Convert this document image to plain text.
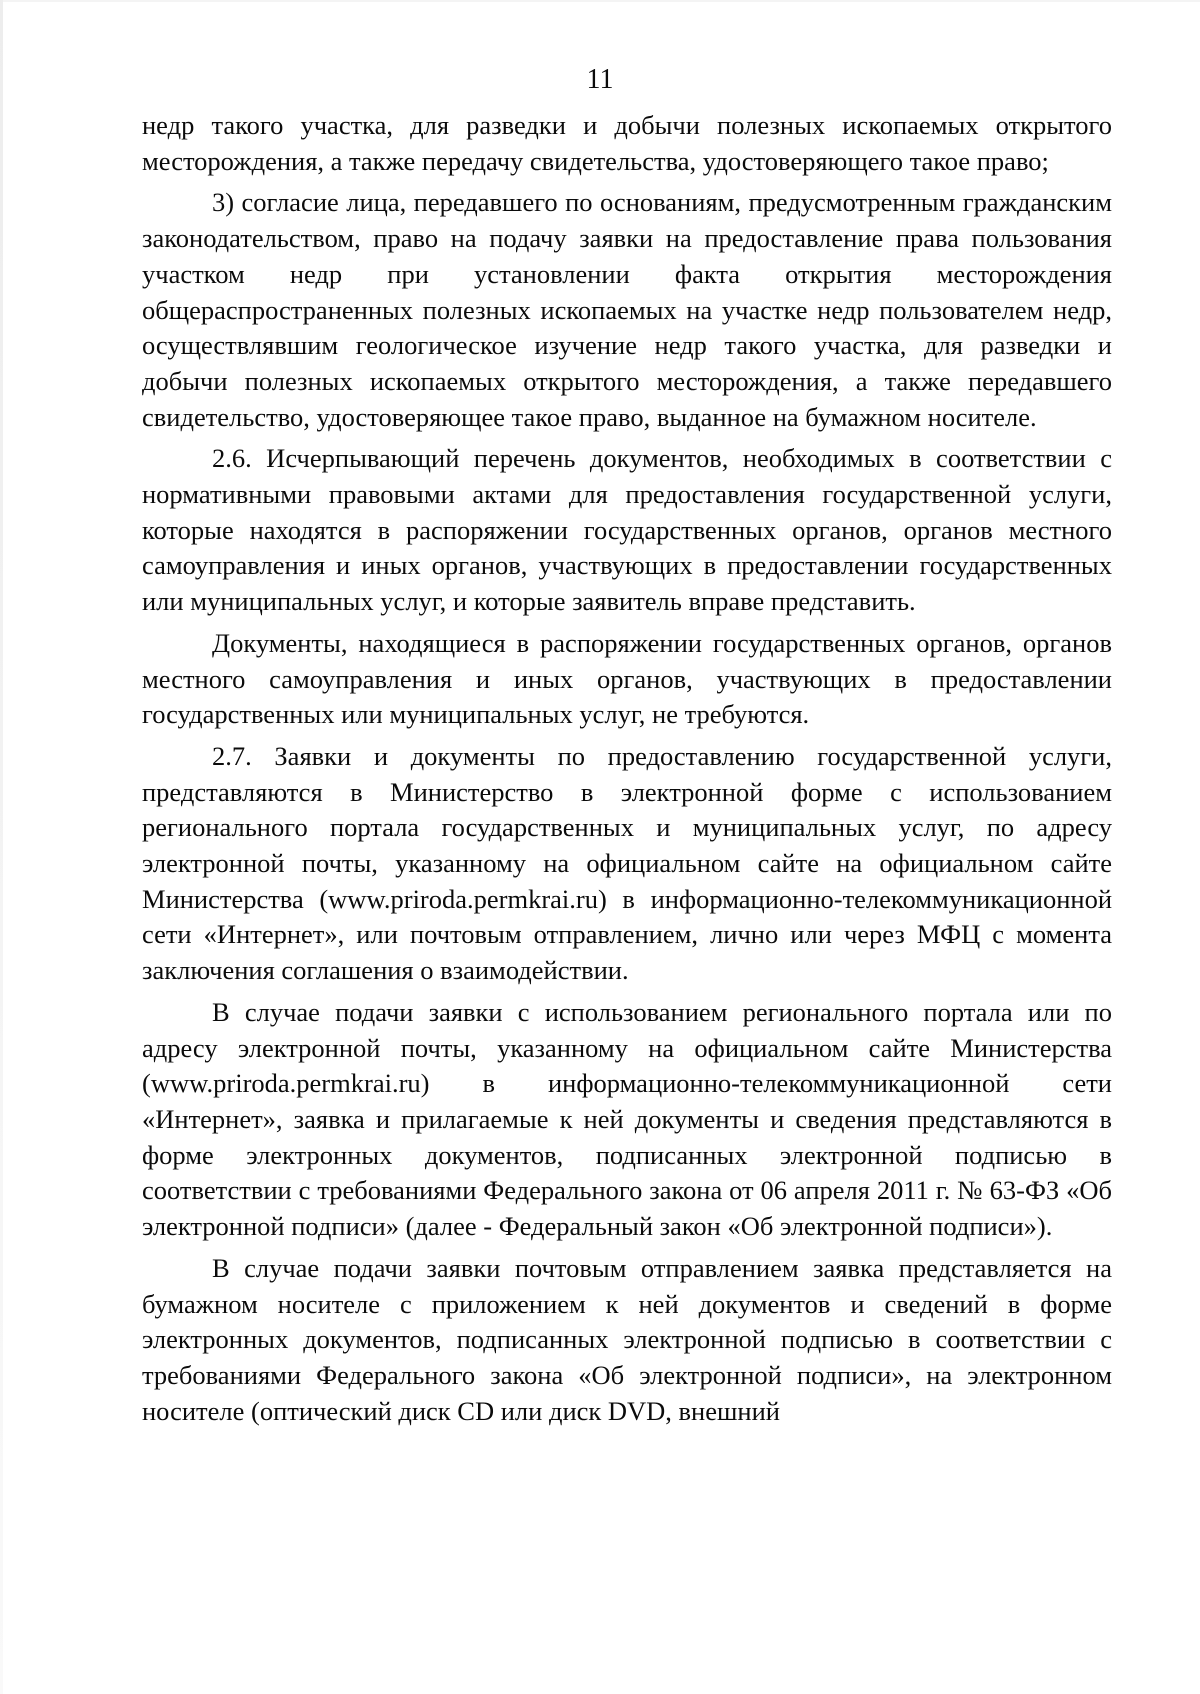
11

недр такого участка, для разведки и добычи полезных ископаемых открытого месторождения, а также передачу свидетельства, удостоверяющего такое право;

3) согласие лица, передавшего по основаниям, предусмотренным гражданским законодательством, право на подачу заявки на предоставление права пользования участком недр при установлении факта открытия месторождения общераспространенных полезных ископаемых на участке недр пользователем недр, осуществлявшим геологическое изучение недр такого участка, для разведки и добычи полезных ископаемых открытого месторождения, а также передавшего свидетельство, удостоверяющее такое право, выданное на бумажном носителе.

2.6. Исчерпывающий перечень документов, необходимых в соответствии с нормативными правовыми актами для предоставления государственной услуги, которые находятся в распоряжении государственных органов, органов местного самоуправления и иных органов, участвующих в предоставлении государственных или муниципальных услуг, и которые заявитель вправе представить.

Документы, находящиеся в распоряжении государственных органов, органов местного самоуправления и иных органов, участвующих в предоставлении государственных или муниципальных услуг, не требуются.

2.7. Заявки и документы по предоставлению государственной услуги, представляются в Министерство в электронной форме с использованием регионального портала государственных и муниципальных услуг, по адресу электронной почты, указанному на официальном сайте на официальном сайте Министерства (www.priroda.permkrai.ru) в информационно-телекоммуникационной сети «Интернет», или почтовым отправлением, лично или через МФЦ с момента заключения соглашения о взаимодействии.

В случае подачи заявки с использованием регионального портала или по адресу электронной почты, указанному на официальном сайте Министерства (www.priroda.permkrai.ru) в информационно-телекоммуникационной сети «Интернет», заявка и прилагаемые к ней документы и сведения представляются в форме электронных документов, подписанных электронной подписью в соответствии с требованиями Федерального закона от 06 апреля 2011 г. № 63-ФЗ «Об электронной подписи» (далее - Федеральный закон «Об электронной подписи»).

В случае подачи заявки почтовым отправлением заявка представляется на бумажном носителе с приложением к ней документов и сведений в форме электронных документов, подписанных электронной подписью в соответствии с требованиями Федерального закона «Об электронной подписи», на электронном носителе (оптический диск CD или диск DVD, внешний
